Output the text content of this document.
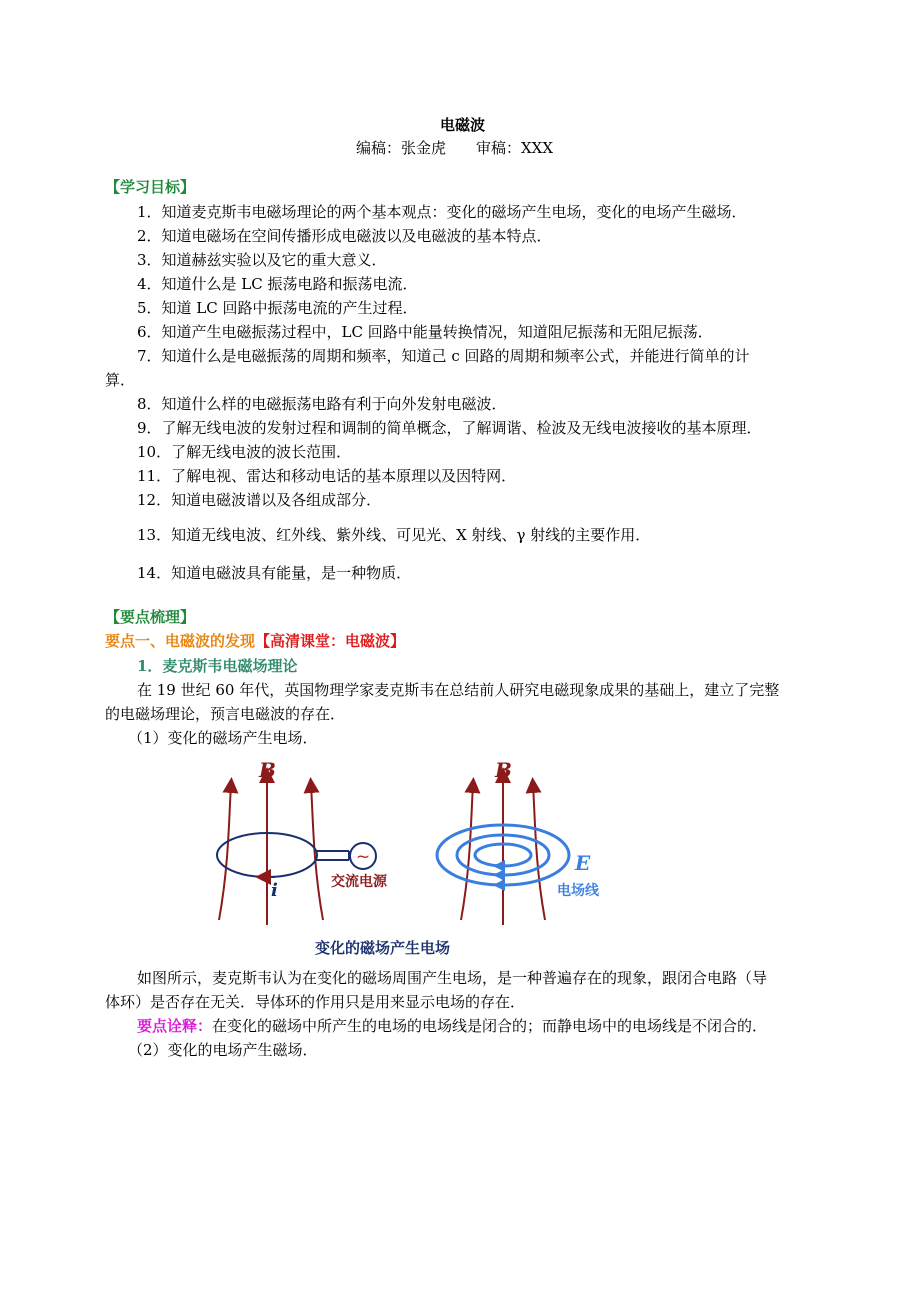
电磁波
编稿：张金虎　　审稿：XXX
【学习目标】
1．知道麦克斯韦电磁场理论的两个基本观点：变化的磁场产生电场，变化的电场产生磁场．
2．知道电磁场在空间传播形成电磁波以及电磁波的基本特点．
3．知道赫兹实验以及它的重大意义．
4．知道什么是 LC 振荡电路和振荡电流．
5．知道 LC 回路中振荡电流的产生过程．
6．知道产生电磁振荡过程中，LC 回路中能量转换情况，知道阻尼振荡和无阻尼振荡．
7．知道什么是电磁振荡的周期和频率，知道己 c 回路的周期和频率公式，并能进行简单的计
算．
8．知道什么样的电磁振荡电路有利于向外发射电磁波．
9．了解无线电波的发射过程和调制的简单概念，了解调谐、检波及无线电波接收的基本原理．
10．了解无线电波的波长范围．
11．了解电视、雷达和移动电话的基本原理以及因特网．
12．知道电磁波谱以及各组成部分．
13．知道无线电波、红外线、紫外线、可见光、X 射线、γ 射线的主要作用．
14．知道电磁波具有能量，是一种物质．
【要点梳理】
要点一、电磁波的发现【高清课堂：电磁波】
1．麦克斯韦电磁场理论
在 19 世纪 60 年代，英国物理学家麦克斯韦在总结前人研究电磁现象成果的基础上，建立了完整
的电磁场理论，预言电磁波的存在．
（1）变化的磁场产生电场．
~
B
i	交流电源
B
E
电场线
变化的磁场产生电场
如图所示，麦克斯韦认为在变化的磁场周围产生电场，是一种普遍存在的现象，跟闭合电路（导
体环）是否存在无关．导体环的作用只是用来显示电场的存在．
要点诠释：在变化的磁场中所产生的电场的电场线是闭合的；而静电场中的电场线是不闭合的．
（2）变化的电场产生磁场．
